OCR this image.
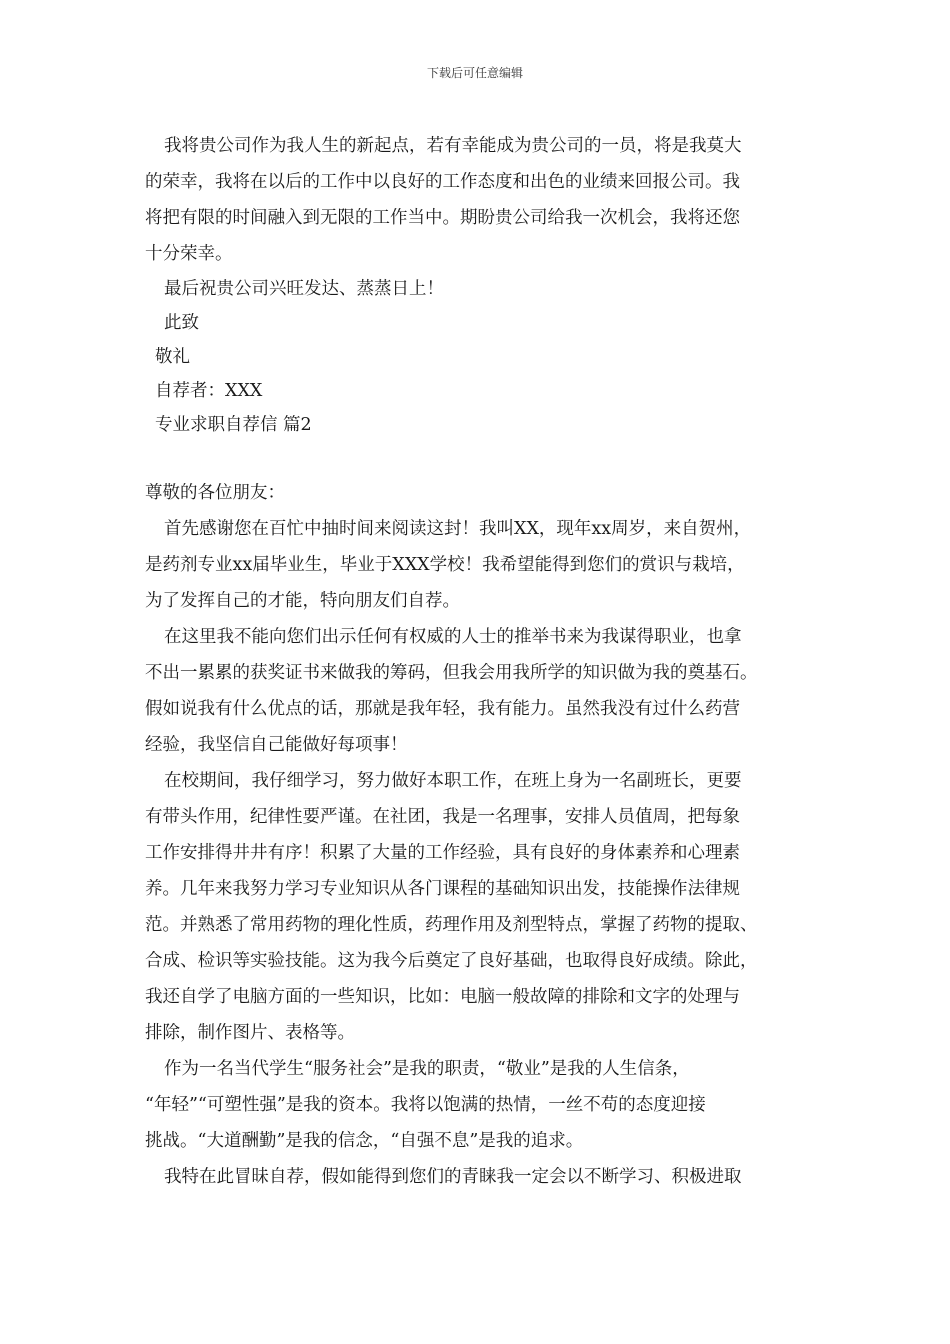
下载后可任意编辑
我将贵公司作为我人生的新起点，若有幸能成为贵公司的一员，将是我莫大
的荣幸，我将在以后的工作中以良好的工作态度和出色的业绩来回报公司。我
将把有限的时间融入到无限的工作当中。期盼贵公司给我一次机会，我将还您
十分荣幸。
最后祝贵公司兴旺发达、蒸蒸日上！
此致
敬礼
自荐者：XXX
专业求职自荐信 篇2
尊敬的各位朋友：
首先感谢您在百忙中抽时间来阅读这封！我叫XX，现年xx周岁，来自贺州，
是药剂专业xx届毕业生，毕业于XXX学校！我希望能得到您们的赏识与栽培，
为了发挥自己的才能，特向朋友们自荐。
在这里我不能向您们出示任何有权威的人士的推举书来为我谋得职业，也拿
不出一累累的获奖证书来做我的筹码，但我会用我所学的知识做为我的奠基石。
假如说我有什么优点的话，那就是我年轻，我有能力。虽然我没有过什么药营
经验，我坚信自己能做好每项事！
在校期间，我仔细学习，努力做好本职工作，在班上身为一名副班长，更要
有带头作用，纪律性要严谨。在社团，我是一名理事，安排人员值周，把每象
工作安排得井井有序！积累了大量的工作经验，具有良好的身体素养和心理素
养。几年来我努力学习专业知识从各门课程的基础知识出发，技能操作法律规
范。并熟悉了常用药物的理化性质，药理作用及剂型特点，掌握了药物的提取、
合成、检识等实验技能。这为我今后奠定了良好基础，也取得良好成绩。除此，
我还自学了电脑方面的一些知识，比如：电脑一般故障的排除和文字的处理与
排除，制作图片、表格等。
作为一名当代学生“服务社会”是我的职责，“敬业”是我的人生信条，
“年轻”“可塑性强”是我的资本。我将以饱满的热情，一丝不苟的态度迎接
挑战。“大道酬勤”是我的信念，“自强不息”是我的追求。
我特在此冒昧自荐，假如能得到您们的青睐我一定会以不断学习、积极进取
